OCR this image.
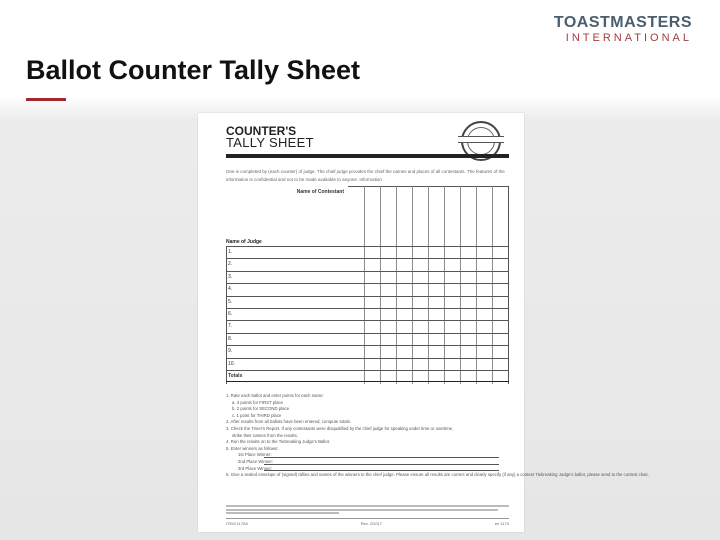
TOASTMASTERS
INTERNATIONAL
Ballot Counter Tally Sheet
COUNTER'S
TALLY SHEET
One is completed by (each counter) of judge. The chief judge provides the chief the names and places of all contestants. The features of the information is confidential and not to be made available to anyone. Information
Name of Contestant
Name of Judge
1.
2.
3.
4.
5.
6.
7.
8.
9.
10.
Totals
1. Rate each ballot and enter points for each name:
a. 3 points for FIRST place
b. 2 points for SECOND place
c. 1 point for THIRD place
2. After results from all ballots have been entered, compute totals.
3. Check the Timer's Report. If any contestants were disqualified by the chief judge for speaking under time or overtime,
strike their names from the results.
4. Run the results on to the Tiebreaking Judge's Ballot.
5. Enter winners as follows:
1st Place Winner:
2nd Place Winner:
3rd Place Winner:
6. Give a sealed envelope of (signed) tallies and names of the winners to the chief judge. Please ensure all results are correct and clearly specify (if any) a contest Tiebreaking Judge's ballot, please send to the contest chair.
ITEM 1170A	Rev. 2/2017	en 1170
